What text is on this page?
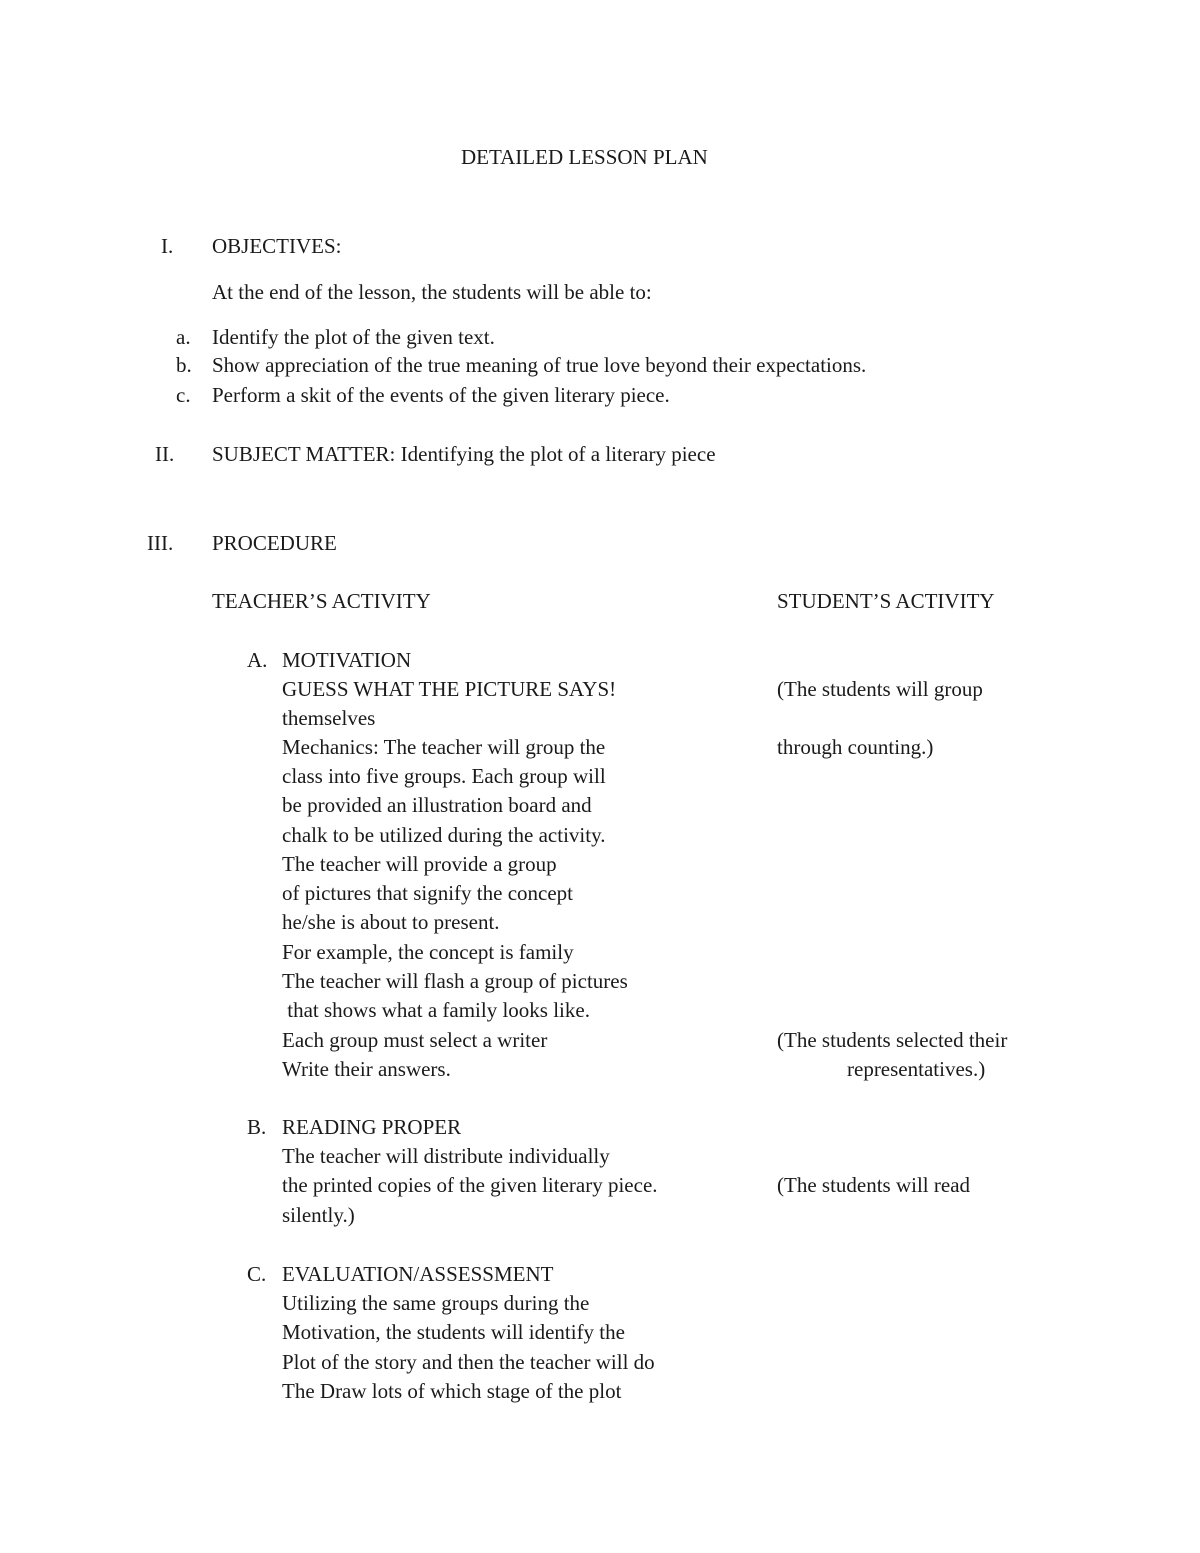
DETAILED LESSON PLAN
I. OBJECTIVES:
At the end of the lesson, the students will be able to:
a. Identify the plot of the given text.
b. Show appreciation of the true meaning of true love beyond their expectations.
c. Perform a skit of the events of the given literary piece.
II. SUBJECT MATTER: Identifying the plot of a literary piece
III. PROCEDURE
TEACHER’S ACTIVITY	STUDENT’S ACTIVITY
A. MOTIVATION
GUESS WHAT THE PICTURE SAYS!
themselves
Mechanics: The teacher will group the
class into five groups. Each group will
be provided an illustration board and
chalk to be utilized during the activity.
The teacher will provide a group
of pictures that signify the concept
he/she is about to present.
For example, the concept is family
The teacher will flash a group of pictures
that shows what a family looks like.
Each group must select a writer
Write their answers.
(The students will group
through counting.)
(The students selected their
representatives.)
B. READING PROPER
The teacher will distribute individually
the printed copies of the given literary piece.
silently.)
(The students will read
C. EVALUATION/ASSESSMENT
Utilizing the same groups during the
Motivation, the students will identify the
Plot of the story and then the teacher will do
The Draw lots of which stage of the plot
